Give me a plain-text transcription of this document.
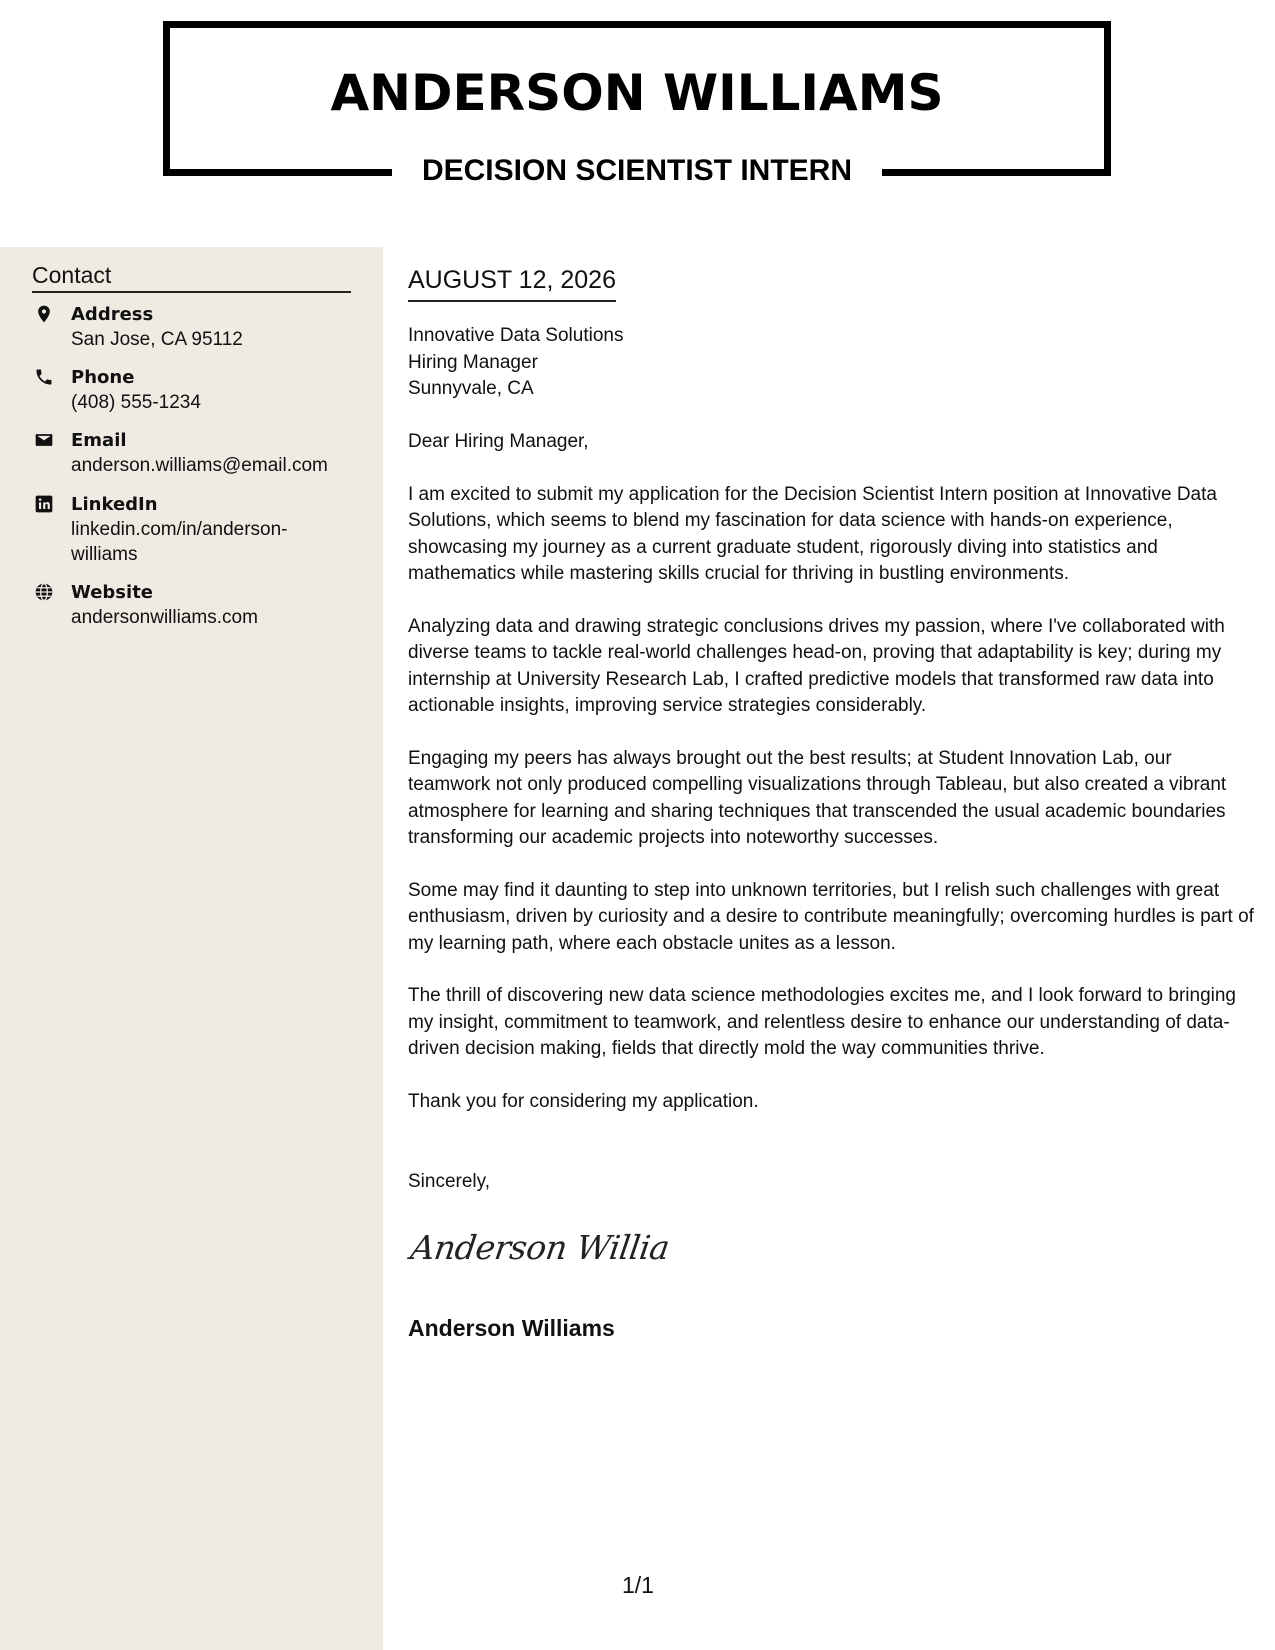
ANDERSON WILLIAMS
DECISION SCIENTIST INTERN
Contact
Address
San Jose, CA 95112
Phone
(408) 555-1234
Email
anderson.williams@email.com
LinkedIn
linkedin.com/in/anderson-williams
Website
andersonwilliams.com
AUGUST 12, 2026
Innovative Data Solutions
Hiring Manager
Sunnyvale, CA

Dear Hiring Manager,

I am excited to submit my application for the Decision Scientist Intern position at Innovative Data Solutions, which seems to blend my fascination for data science with hands-on experience, showcasing my journey as a current graduate student, rigorously diving into statistics and mathematics while mastering skills crucial for thriving in bustling environments.

Analyzing data and drawing strategic conclusions drives my passion, where I've collaborated with diverse teams to tackle real-world challenges head-on, proving that adaptability is key; during my internship at University Research Lab, I crafted predictive models that transformed raw data into actionable insights, improving service strategies considerably.

Engaging my peers has always brought out the best results; at Student Innovation Lab, our teamwork not only produced compelling visualizations through Tableau, but also created a vibrant atmosphere for learning and sharing techniques that transcended the usual academic boundaries transforming our academic projects into noteworthy successes.

Some may find it daunting to step into unknown territories, but I relish such challenges with great enthusiasm, driven by curiosity and a desire to contribute meaningfully; overcoming hurdles is part of my learning path, where each obstacle unites as a lesson.

The thrill of discovering new data science methodologies excites me, and I look forward to bringing my insight, commitment to teamwork, and relentless desire to enhance our understanding of data-driven decision making, fields that directly mold the way communities thrive.

Thank you for considering my application.

Sincerely,
Anderson Willia
Anderson Williams
1/1
